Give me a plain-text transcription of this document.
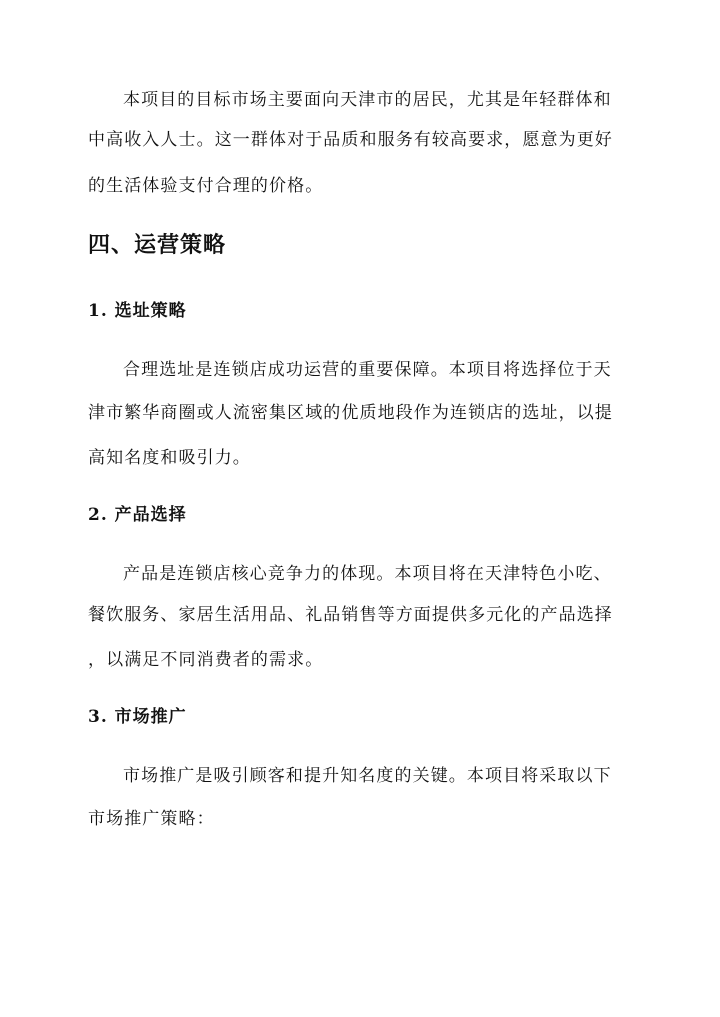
本项目的目标市场主要面向天津市的居民，尤其是年轻群体和
中高收入人士。这一群体对于品质和服务有较高要求，愿意为更好
的生活体验支付合理的价格。
四、运营策略
1. 选址策略
合理选址是连锁店成功运营的重要保障。本项目将选择位于天
津市繁华商圈或人流密集区域的优质地段作为连锁店的选址，以提
高知名度和吸引力。
2. 产品选择
产品是连锁店核心竞争力的体现。本项目将在天津特色小吃、
餐饮服务、家居生活用品、礼品销售等方面提供多元化的产品选择
，以满足不同消费者的需求。
3. 市场推广
市场推广是吸引顾客和提升知名度的关键。本项目将采取以下
市场推广策略：
